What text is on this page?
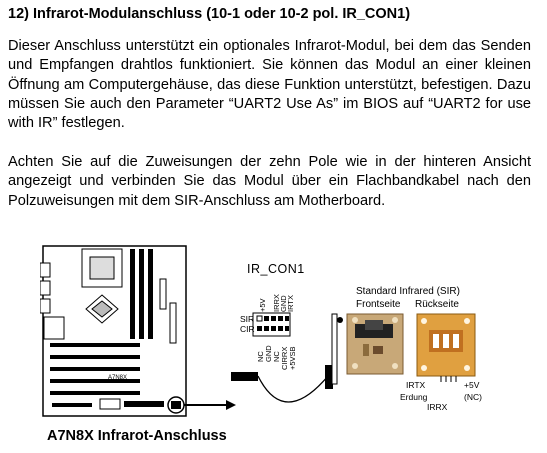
12) Infrarot-Modulanschluss (10-1 oder 10-2 pol. IR_CON1)

Dieser Anschluss unterstützt ein optionales Infrarot-Modul, bei dem das Senden und Empfangen drahtlos funktioniert. Sie können das Modul an einer kleinen Öffnung am Computergehäuse, das diese Funktion unterstützt, befestigen. Dazu müssen Sie auch den Parameter “UART2 Use As” im BIOS auf “UART2 for use with IR” festlegen.

Achten Sie auf die Zuweisungen der zehn Pole wie in der hinteren Ansicht angezeigt und verbinden Sie das Modul über ein Flachbandkabel nach den Polzuweisungen mit dem SIR-Anschluss am Motherboard.

A7N8X
A7N8X Infrarot-Anschluss
IR_CON1
+5V IRRX
GND
IRTX
SIR
CIR
NC GND NC CIRRX +5VSB
Standard Infrared (SIR)
Frontseite Rückseite
IRTX
Erdung
IRRX
+5V
(NC)
